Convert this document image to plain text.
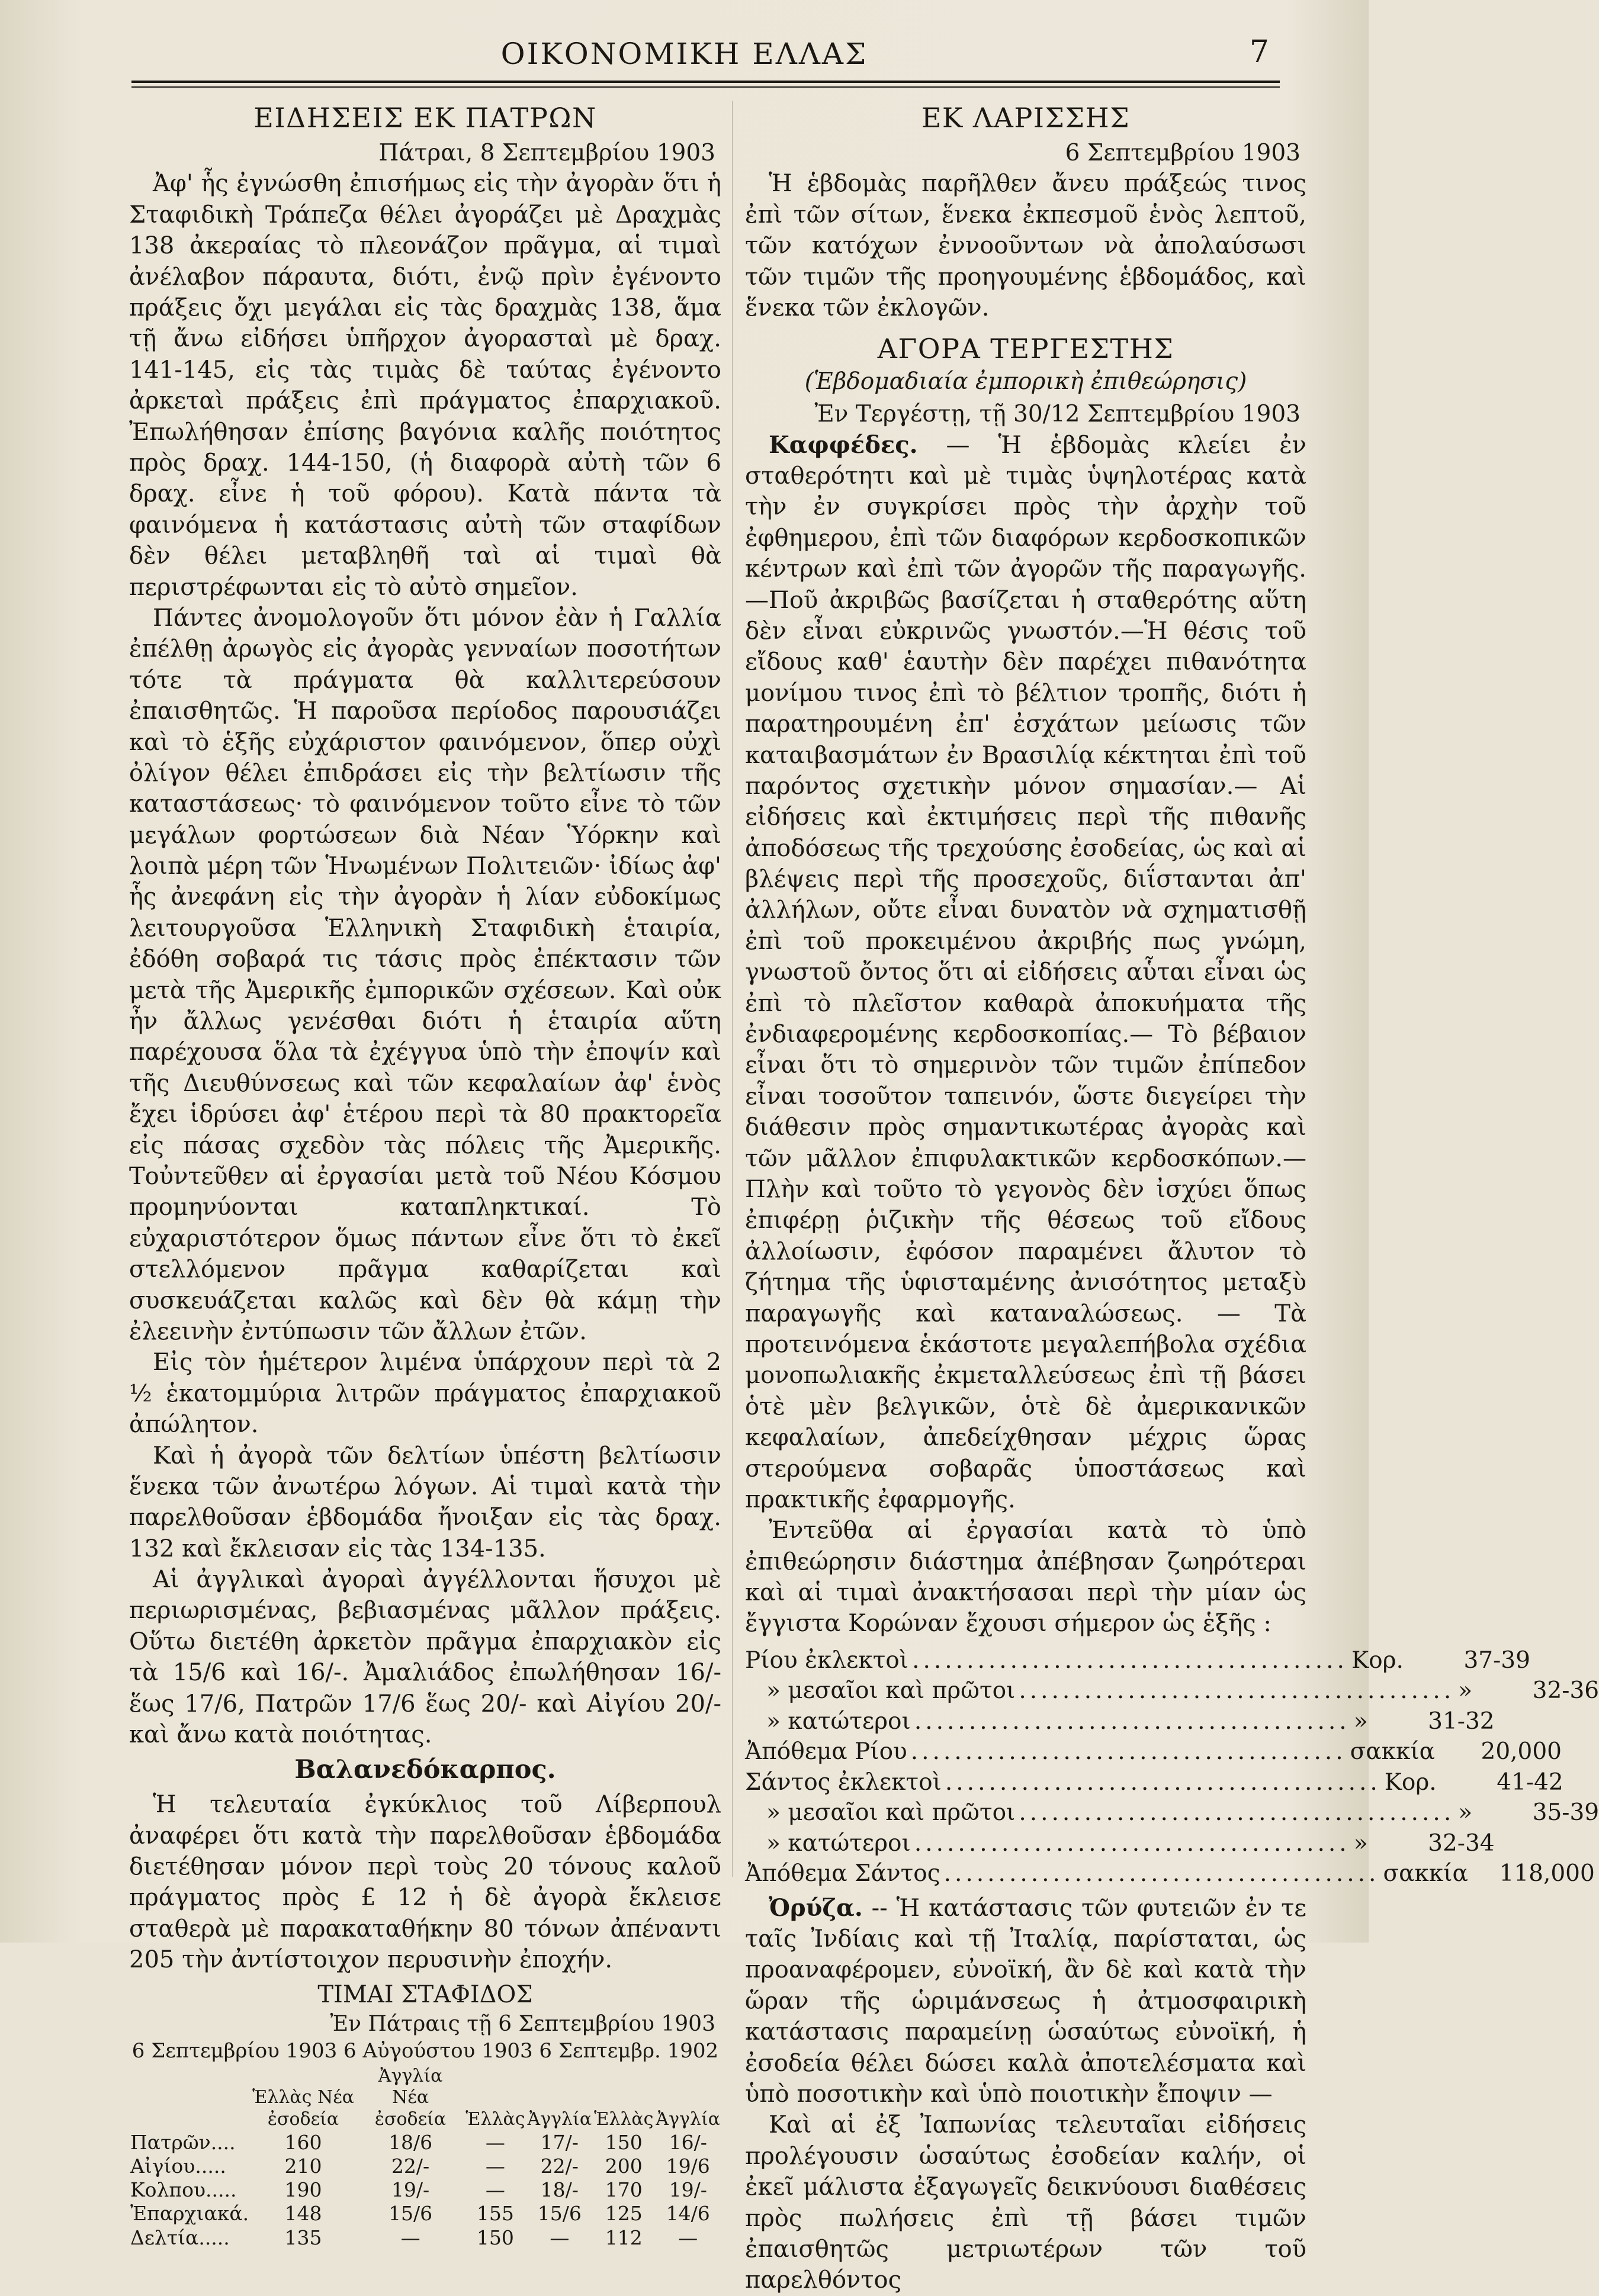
ΟΙΚΟΝΟΜΙΚΗ ΕΛΛΑΣ	7
ΕΙΔΗΣΕΙΣ ΕΚ ΠΑΤΡΩΝ
Πάτραι, 8 Σεπτεμβρίου 1903

Ἀφ' ἧς ἐγνώσθη ἐπισήμως εἰς τὴν ἀγορὰν ὅτι ἡ Σταφιδικὴ Τράπεζα θέλει ἀγοράζει μὲ Δραχμὰς 138 ἀκεραίας τὸ πλεονάζον πρᾶγμα, αἱ τιμαὶ ἀνέλαβον πάραυτα, διότι, ἐνῷ πρὶν ἐγένοντο πράξεις ὄχι μεγάλαι εἰς τὰς δραχμὰς 138, ἅμα τῇ ἄνω εἰδήσει ὑπῆρχον ἀγορασταὶ μὲ δραχ. 141-145, εἰς τὰς τιμὰς δὲ ταύτας ἐγένοντο ἀρκεταὶ πράξεις ἐπὶ πράγματος ἐπαρχιακοῦ. Ἐπωλήθησαν ἐπίσης βαγόνια καλῆς ποιότητος πρὸς δραχ. 144-150, (ἡ διαφορὰ αὐτὴ τῶν 6 δραχ. εἶνε ἡ τοῦ φόρου). Κατὰ πάντα τὰ φαινόμενα ἡ κατάστασις αὐτὴ τῶν σταφίδων δὲν θέλει μεταβληθῆ ταὶ αἱ τιμαὶ θὰ περιστρέφωνται εἰς τὸ αὐτὸ σημεῖον.

Πάντες ἀνομολογοῦν ὅτι μόνον ἐὰν ἡ Γαλλία ἐπέλθῃ ἀρωγὸς εἰς ἀγορὰς γενναίων ποσοτήτων τότε τὰ πράγματα θὰ καλλιτερεύσουν ἐπαισθητῶς. Ἡ παροῦσα περίοδος παρουσιάζει καὶ τὸ ἑξῆς εὐχάριστον φαινόμενον, ὅπερ οὐχὶ ὀλίγον θέλει ἐπιδράσει εἰς τὴν βελτίωσιν τῆς καταστάσεως· τὸ φαινόμενον τοῦτο εἶνε τὸ τῶν μεγάλων φορτώσεων διὰ Νέαν Ὑόρκην καὶ λοιπὰ μέρη τῶν Ἡνωμένων Πολιτειῶν· ἰδίως ἀφ' ἧς ἀνεφάνη εἰς τὴν ἀγορὰν ἡ λίαν εὐδοκίμως λειτουργοῦσα Ἑλληνικὴ Σταφιδικὴ ἑταιρία, ἐδόθη σοβαρά τις τάσις πρὸς ἐπέκτασιν τῶν μετὰ τῆς Ἀμερικῆς ἐμπορικῶν σχέσεων. Καὶ οὐκ ἦν ἄλλως γενέσθαι διότι ἡ ἑταιρία αὕτη παρέχουσα ὅλα τὰ ἐχέγγυα ὑπὸ τὴν ἐποψίν καὶ τῆς Διευθύνσεως καὶ τῶν κεφαλαίων ἀφ' ἑνὸς ἔχει ἱδρύσει ἀφ' ἑτέρου περὶ τὰ 80 πρακτορεῖα εἰς πάσας σχεδὸν τὰς πόλεις τῆς Ἀμερικῆς. Τοὐντεῦθεν αἱ ἐργασίαι μετὰ τοῦ Νέου Κόσμου προμηνύονται καταπληκτικαί. Τὸ εὐχαριστότερον ὅμως πάντων εἶνε ὅτι τὸ ἐκεῖ στελλόμενον πρᾶγμα καθαρίζεται καὶ συσκευάζεται καλῶς καὶ δὲν θὰ κάμῃ τὴν ἐλεεινὴν ἐντύπωσιν τῶν ἄλλων ἐτῶν.

Εἰς τὸν ἡμέτερον λιμένα ὑπάρχουν περὶ τὰ 2 ½ ἑκατομμύρια λιτρῶν πράγματος ἐπαρχιακοῦ ἀπώλητον.

Καὶ ἡ ἀγορὰ τῶν δελτίων ὑπέστη βελτίωσιν ἕνεκα τῶν ἀνωτέρω λόγων. Αἱ τιμαὶ κατὰ τὴν παρελθοῦσαν ἑβδομάδα ἤνοιξαν εἰς τὰς δραχ. 132 καὶ ἔκλεισαν εἰς τὰς 134-135.

Αἱ ἀγγλικαὶ ἀγοραὶ ἀγγέλλονται ἥσυχοι μὲ περιωρισμένας, βεβιασμένας μᾶλλον πράξεις. Οὕτω διετέθη ἀρκετὸν πρᾶγμα ἐπαρχιακὸν εἰς τὰ 15/6 καὶ 16/-. Ἀμαλιάδος ἐπωλήθησαν 16/- ἕως 17/6, Πατρῶν 17/6 ἕως 20/- καὶ Αἰγίου 20/- καὶ ἄνω κατὰ ποιότητας.

Βαλανεδόκαρπος.

Ἡ τελευταία ἐγκύκλιος τοῦ Λίβερπουλ ἀναφέρει ὅτι κατὰ τὴν παρελθοῦσαν ἑβδομάδα διετέθησαν μόνον περὶ τοὺς 20 τόνους καλοῦ πράγματος πρὸς £ 12 ἡ δὲ ἀγορὰ ἔκλεισε σταθερὰ μὲ παρακαταθήκην 80 τόνων ἀπέναντι 205 τὴν ἀντίστοιχον περυσινὴν ἐποχήν.

ΤΙΜΑΙ ΣΤΑΦΙΔΟΣ
Ἐν Πάτραις τῇ 6 Σεπτεμβρίου 1903
6 Σεπτεμβρίου 1903 6 Αὐγούστου 1903 6 Σεπτεμβρ. 1902
	Ἑλλὰς Νέα ἐσοδεία	Ἀγγλία Νέα ἐσοδεία	Ἑλλὰς	Ἀγγλία	Ἑλλὰς	Ἀγγλία
Πατρῶν....	160	18/6	—	17/-	150	16/-
Αἰγίου.....	210	22/-	—	22/-	200	19/6
Κολπου.....	190	19/-	—	18/-	170	19/-
Ἐπαρχιακά.	148	15/6	155	15/6	125	14/6
Δελτία.....	135	—	150	—	112	—
ΕΚ ΛΑΡΙΣΣΗΣ
6 Σεπτεμβρίου 1903

Ἡ ἑβδομὰς παρῆλθεν ἄνευ πράξεώς τινος ἐπὶ τῶν σίτων, ἕνεκα ἐκπεσμοῦ ἑνὸς λεπτοῦ, τῶν κατόχων ἐννοοῦντων νὰ ἀπολαύσωσι τῶν τιμῶν τῆς προηγουμένης ἑβδομάδος, καὶ ἕνεκα τῶν ἐκλογῶν.

ΑΓΟΡΑ ΤΕΡΓΕΣΤΗΣ
(Ἑβδομαδιαία ἐμπορικὴ ἐπιθεώρησις)
Ἐν Τεργέστῃ, τῇ 30/12 Σεπτεμβρίου 1903

Καφφέδες. — Ἡ ἑβδομὰς κλείει ἐν σταθερότητι καὶ μὲ τιμὰς ὑψηλοτέρας κατὰ τὴν ἐν συγκρίσει πρὸς τὴν ἀρχὴν τοῦ ἐφθημερου, ἐπὶ τῶν διαφόρων κερδοσκοπικῶν κέντρων καὶ ἐπὶ τῶν ἀγορῶν τῆς παραγωγῆς.—Ποῦ ἀκριβῶς βασίζεται ἡ σταθερότης αὕτη δὲν εἶναι εὐκρινῶς γνωστόν.—Ἡ θέσις τοῦ εἴδους καθ' ἑαυτὴν δὲν παρέχει πιθανότητα μονίμου τινος ἐπὶ τὸ βέλτιον τροπῆς, διότι ἡ παρατηρουμένη ἐπ' ἐσχάτων μείωσις τῶν καταιβασμάτων ἐν Βρασιλίᾳ κέκτηται ἐπὶ τοῦ παρόντος σχετικὴν μόνον σημασίαν.— Αἱ εἰδήσεις καὶ ἐκτιμήσεις περὶ τῆς πιθανῆς ἀποδόσεως τῆς τρεχούσης ἐσοδείας, ὡς καὶ αἱ βλέψεις περὶ τῆς προσεχοῦς, διΐστανται ἀπ' ἀλλήλων, οὔτε εἶναι δυνατὸν νὰ σχηματισθῇ ἐπὶ τοῦ προκειμένου ἀκριβής πως γνώμη, γνωστοῦ ὄντος ὅτι αἱ εἰδήσεις αὗται εἶναι ὡς ἐπὶ τὸ πλεῖστον καθαρὰ ἀποκυήματα τῆς ἐνδιαφερομένης κερδοσκοπίας.— Τὸ βέβαιον εἶναι ὅτι τὸ σημερινὸν τῶν τιμῶν ἐπίπεδον εἶναι τοσοῦτον ταπεινόν, ὥστε διεγείρει τὴν διάθεσιν πρὸς σημαντικωτέρας ἀγορὰς καὶ τῶν μᾶλλον ἐπιφυλακτικῶν κερδοσκόπων.— Πλὴν καὶ τοῦτο τὸ γεγονὸς δὲν ἰσχύει ὅπως ἐπιφέρῃ ῥιζικὴν τῆς θέσεως τοῦ εἴδους ἀλλοίωσιν, ἐφόσον παραμένει ἄλυτον τὸ ζήτημα τῆς ὑφισταμένης ἀνισότητος μεταξὺ παραγωγῆς καὶ καταναλώσεως. — Τὰ προτεινόμενα ἑκάστοτε μεγαλεπήβολα σχέδια μονοπωλιακῆς ἐκμεταλλεύσεως ἐπὶ τῇ βάσει ὁτὲ μὲν βελγικῶν, ὁτὲ δὲ ἀμερικανικῶν κεφαλαίων, ἀπεδείχθησαν μέχρις ὥρας στερούμενα σοβαρᾶς ὑποστάσεως καὶ πρακτικῆς ἐφαρμογῆς.

Ἐντεῦθα αἱ ἐργασίαι κατὰ τὸ ὑπὸ ἐπιθεώρησιν διάστημα ἀπέβησαν ζωηρότεραι καὶ αἱ τιμαὶ ἀνακτήσασαι περὶ τὴν μίαν ὡς ἔγγιστα Κορώναν ἔχουσι σήμερον ὡς ἑξῆς :

Ρίου ἐκλεκτοὶ ........................................ Κορ.	37-39
» μεσαῖοι καὶ πρῶτοι ........................................ »	32-36
» κατώτεροι ........................................ »	31-32
Ἀπόθεμα Ρίου ........................................ σακκία	20,000
Σάντος ἐκλεκτοὶ ........................................ Κορ.	41-42
» μεσαῖοι καὶ πρῶτοι ........................................ »	35-39
» κατώτεροι ........................................ »	32-34
Ἀπόθεμα Σάντος ........................................ σακκία	118,000

Ὀρύζα. -- Ἡ κατάστασις τῶν φυτειῶν ἐν τε ταῖς Ἰνδίαις καὶ τῇ Ἰταλίᾳ, παρίσταται, ὡς προαναφέρομεν, εὐνοϊκή, ἂν δὲ καὶ κατὰ τὴν ὥραν τῆς ὡριμάνσεως ἡ ἀτμοσφαιρικὴ κατάστασις παραμείνῃ ὡσαύτως εὐνοϊκή, ἡ ἐσοδεία θέλει δώσει καλὰ ἀποτελέσματα καὶ ὑπὸ ποσοτικὴν καὶ ὑπὸ ποιοτικὴν ἔποψιν —

Καὶ αἱ ἐξ Ἰαπωνίας τελευταῖαι εἰδήσεις προλέγουσιν ὡσαύτως ἐσοδείαν καλήν, οἱ ἐκεῖ μάλιστα ἐξαγωγεῖς δεικνύουσι διαθέσεις πρὸς πωλήσεις ἐπὶ τῇ βάσει τιμῶν ἐπαισθητῶς μετριωτέρων τῶν τοῦ παρελθόντος
